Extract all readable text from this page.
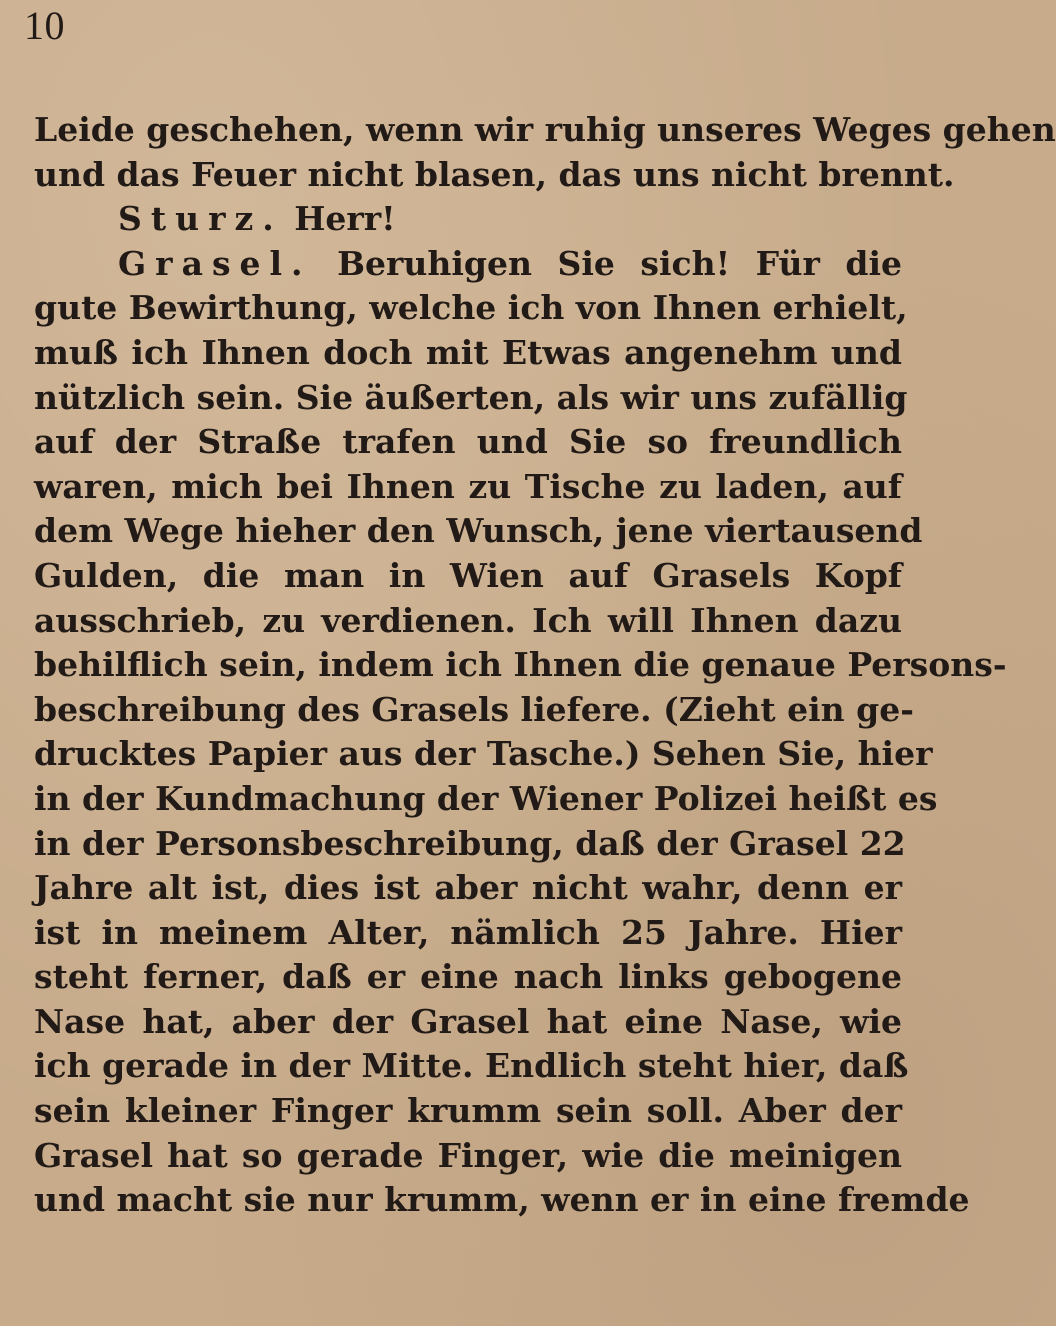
10
Leide geschehen, wenn wir ruhig unseres Weges gehen
und das Feuer nicht blasen, das uns nicht brennt.
Sturz. Herr!
Grasel. Beruhigen Sie sich! Für die
gute Bewirthung, welche ich von Ihnen erhielt,
muß ich Ihnen doch mit Etwas angenehm und
nützlich sein. Sie äußerten, als wir uns zufällig
auf der Straße trafen und Sie so freundlich
waren, mich bei Ihnen zu Tische zu laden, auf
dem Wege hieher den Wunsch, jene viertausend
Gulden, die man in Wien auf Grasels Kopf
ausschrieb, zu verdienen. Ich will Ihnen dazu
behilflich sein, indem ich Ihnen die genaue Persons-
beschreibung des Grasels liefere. (Zieht ein ge-
drucktes Papier aus der Tasche.) Sehen Sie, hier
in der Kundmachung der Wiener Polizei heißt es
in der Personsbeschreibung, daß der Grasel 22
Jahre alt ist, dies ist aber nicht wahr, denn er
ist in meinem Alter, nämlich 25 Jahre. Hier
steht ferner, daß er eine nach links gebogene
Nase hat, aber der Grasel hat eine Nase, wie
ich gerade in der Mitte. Endlich steht hier, daß
sein kleiner Finger krumm sein soll. Aber der
Grasel hat so gerade Finger, wie die meinigen
und macht sie nur krumm, wenn er in eine fremde
